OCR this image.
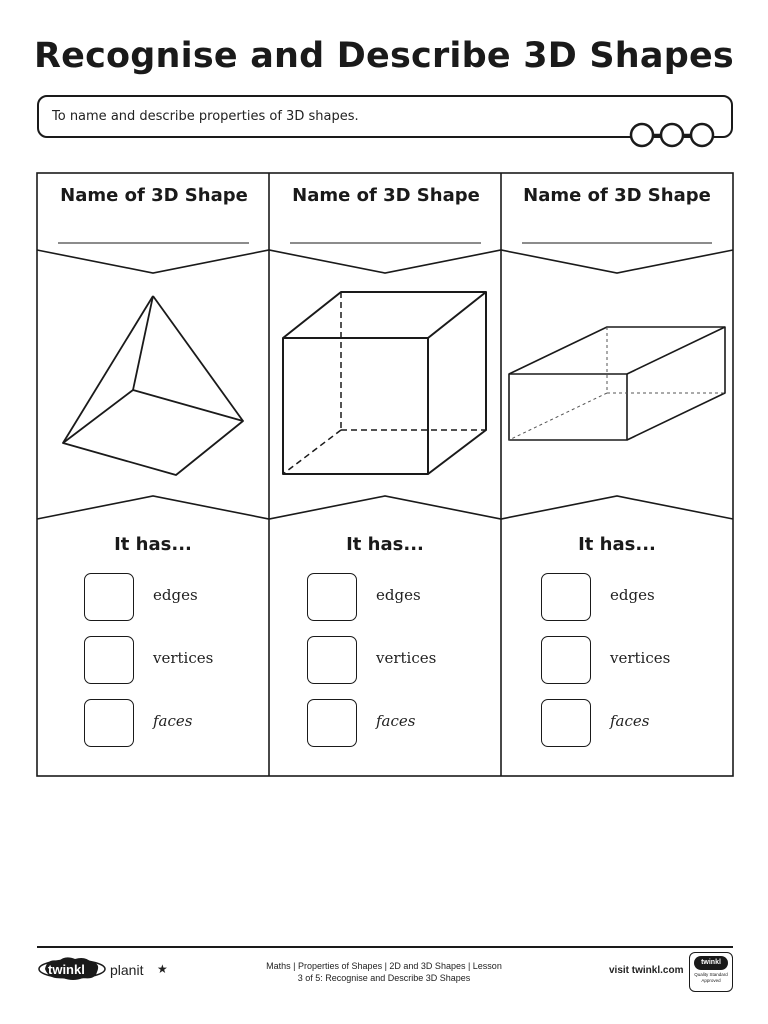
Recognise and Describe 3D Shapes
To name and describe properties of 3D shapes.
Name of 3D Shape	Name of 3D Shape	Name of 3D Shape
It has...	It has...	It has...
edges
vertices
faces
edges
vertices
faces
edges
vertices
faces
twinkl planit ★	Maths | Properties of Shapes | 2D and 3D Shapes | Lesson
3 of 5: Recognise and Describe 3D Shapes
visit twinkl.com
twinkl
Quality Standard
Approved
